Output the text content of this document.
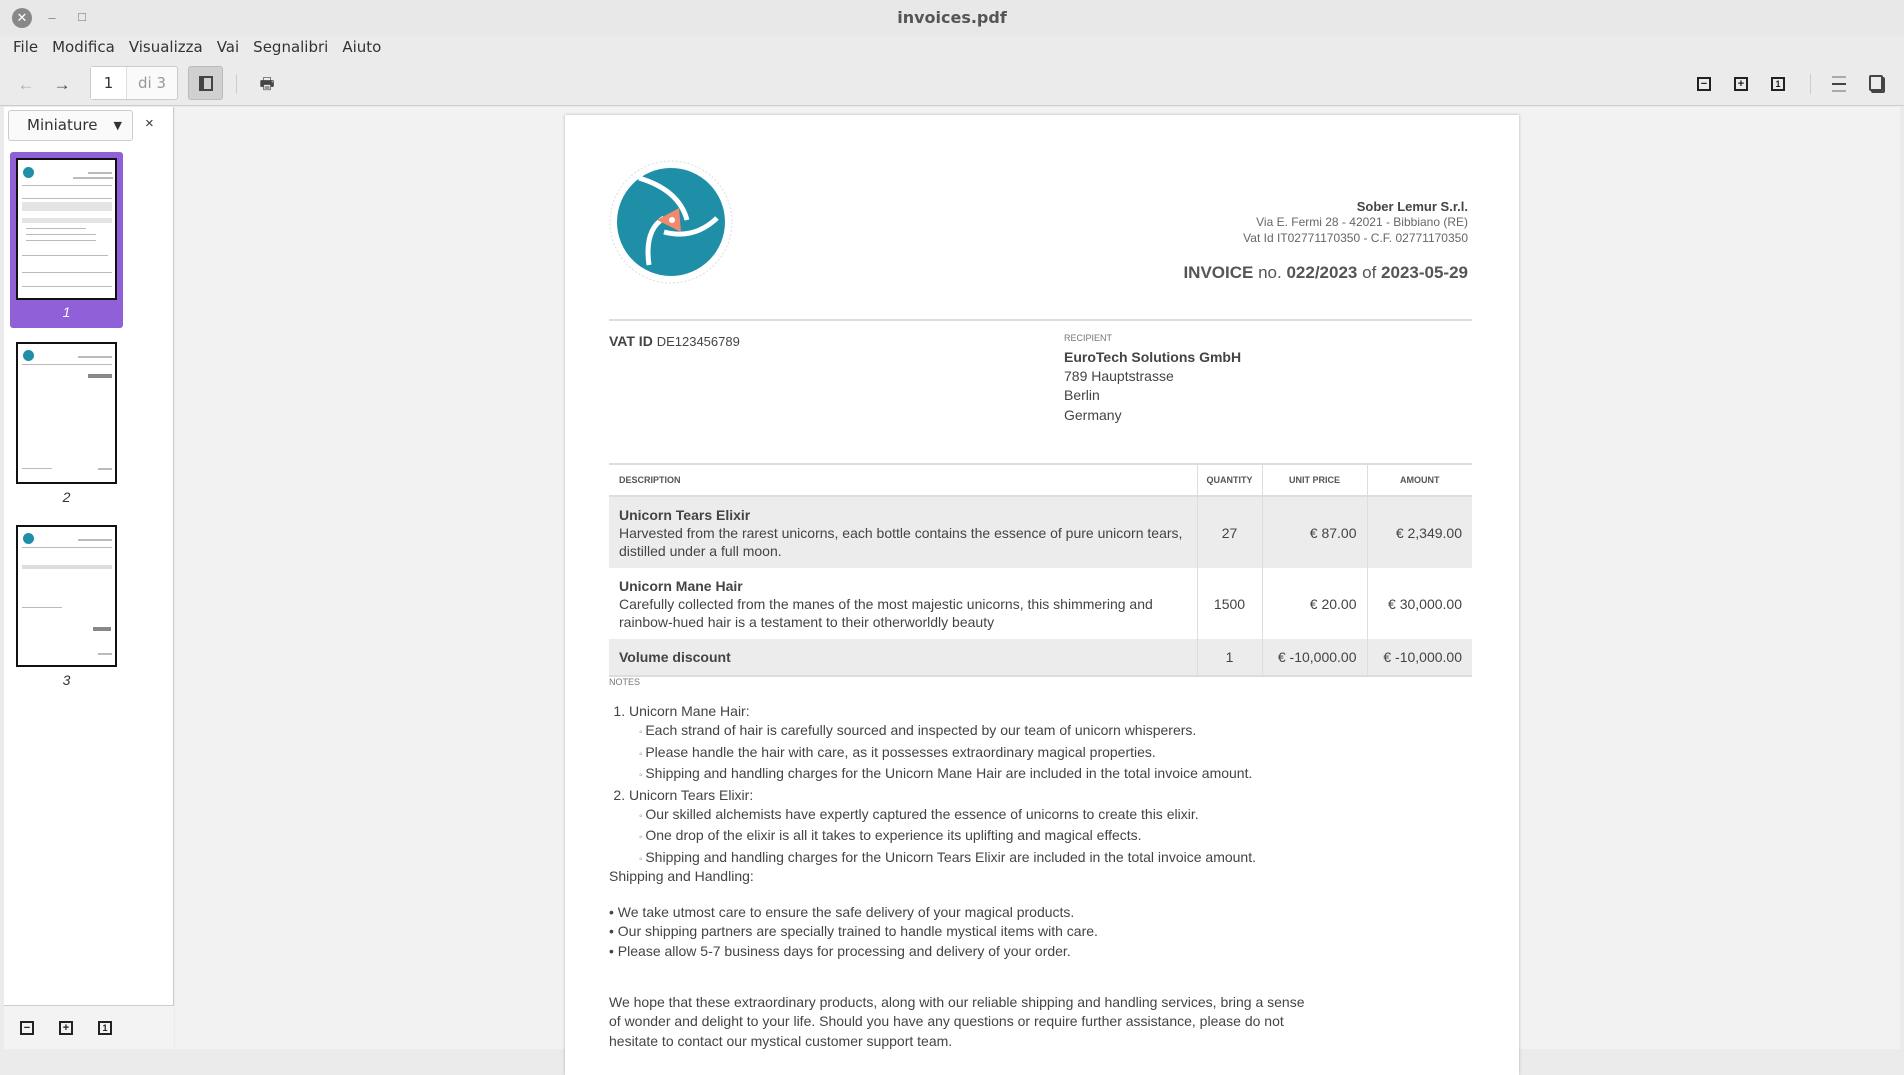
✕	–	☐	invoices.pdf
File Modifica Visualizza Vai Segnalibri Aiuto
←	→
1	di 3	🖶	−	+	1
Miniature ▼ ×
1
2
3
−	+	1
Sober Lemur S.r.l.
Via E. Fermi 28 - 42021 - Bibbiano (RE)
Vat Id IT02771170350 - C.F. 02771170350
INVOICE no. 022/2023 of 2023-05-29
VAT ID DE123456789	RECIPIENT
EuroTech Solutions GmbH
789 Hauptstrasse
Berlin
Germany
DESCRIPTION	QUANTITY	UNIT PRICE	AMOUNT

Unicorn Tears Elixir
Harvested from the rarest unicorns, each bottle contains the essence of pure unicorn tears, distilled under a full moon.	27	€ 87.00	€ 2,349.00

Unicorn Mane Hair
Carefully collected from the manes of the most majestic unicorns, this shimmering and rainbow-hued hair is a testament to their otherworldly beauty	1500	€ 20.00	€ 30,000.00
Volume discount	1	€ -10,000.00	€ -10,000.00
NOTES
1. Unicorn Mane Hair:
◦ Each strand of hair is carefully sourced and inspected by our team of unicorn whisperers.
◦ Please handle the hair with care, as it possesses extraordinary magical properties.
◦ Shipping and handling charges for the Unicorn Mane Hair are included in the total invoice amount.
2. Unicorn Tears Elixir:
◦ Our skilled alchemists have expertly captured the essence of unicorns to create this elixir.
◦ One drop of the elixir is all it takes to experience its uplifting and magical effects.
◦ Shipping and handling charges for the Unicorn Tears Elixir are included in the total invoice amount.
Shipping and Handling:
• We take utmost care to ensure the safe delivery of your magical products.
• Our shipping partners are specially trained to handle mystical items with care.
• Please allow 5-7 business days for processing and delivery of your order.
We hope that these extraordinary products, along with our reliable shipping and handling services, bring a sense of wonder and delight to your life. Should you have any questions or require further assistance, please do not hesitate to contact our mystical customer support team.
